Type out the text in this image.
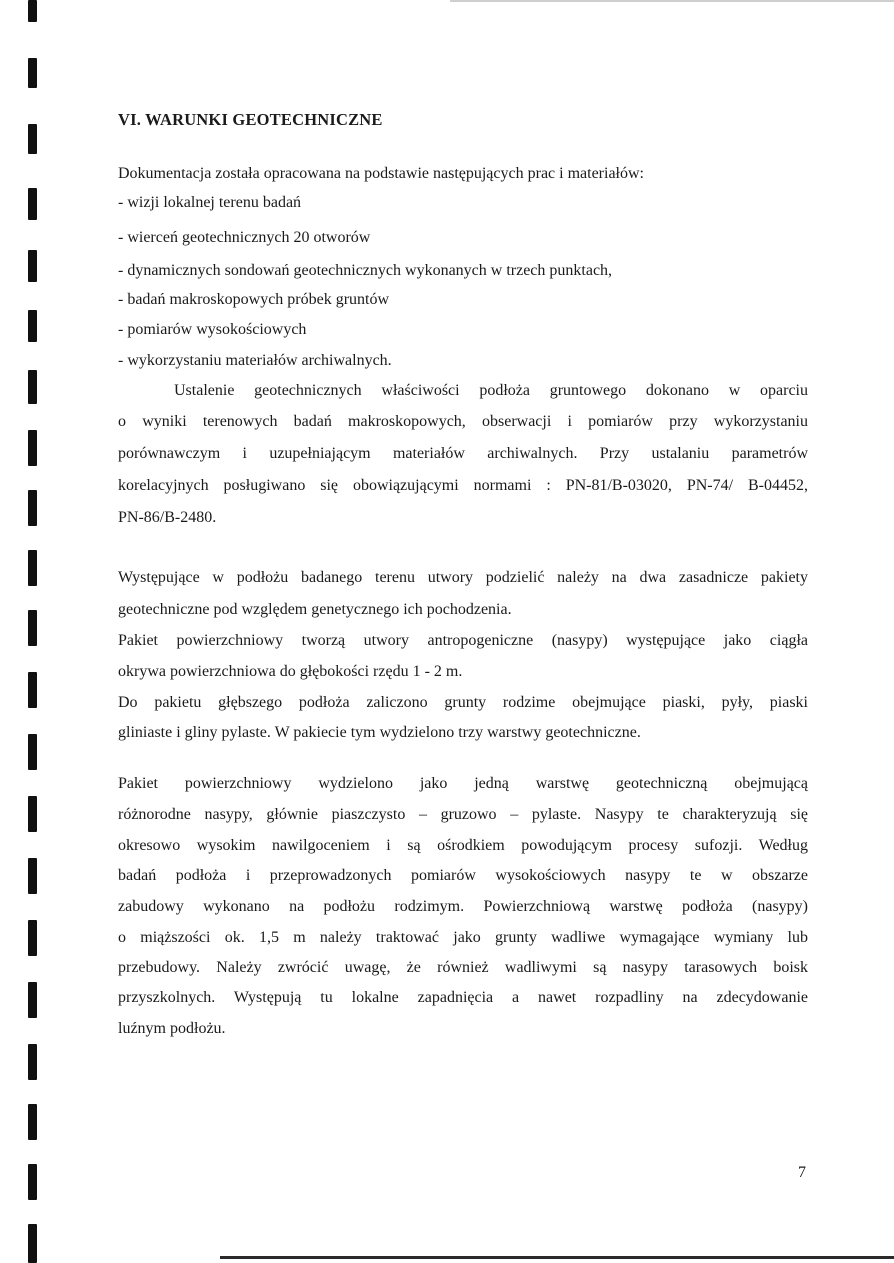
VI. WARUNKI GEOTECHNICZNE

Dokumentacja została opracowana na podstawie następujących prac i materiałów:

- wizji lokalnej terenu badań

- wierceń geotechnicznych 20 otworów

- dynamicznych sondowań geotechnicznych wykonanych w trzech punktach,

- badań makroskopowych próbek gruntów

- pomiarów wysokościowych

- wykorzystaniu materiałów archiwalnych.

Ustalenie geotechnicznych właściwości podłoża gruntowego dokonano w oparciu

o wyniki terenowych badań makroskopowych, obserwacji i pomiarów przy wykorzystaniu

porównawczym i uzupełniającym materiałów archiwalnych. Przy ustalaniu parametrów

korelacyjnych posługiwano się obowiązującymi normami : PN-81/B-03020, PN-74/ B-04452,

PN-86/B-2480.

Występujące w podłożu badanego terenu utwory podzielić należy na dwa zasadnicze pakiety

geotechniczne pod względem genetycznego ich pochodzenia.

Pakiet powierzchniowy tworzą utwory antropogeniczne (nasypy) występujące jako ciągła

okrywa powierzchniowa do głębokości rzędu 1 - 2 m.

Do pakietu głębszego podłoża zaliczono grunty rodzime obejmujące piaski, pyły, piaski

gliniaste i gliny pylaste. W pakiecie tym wydzielono trzy warstwy geotechniczne.

Pakiet powierzchniowy wydzielono jako jedną warstwę geotechniczną obejmującą

różnorodne nasypy, głównie piaszczysto – gruzowo – pylaste. Nasypy te charakteryzują się

okresowo wysokim nawilgoceniem i są ośrodkiem powodującym procesy sufozji. Według

badań podłoża i przeprowadzonych pomiarów wysokościowych nasypy te w obszarze

zabudowy wykonano na podłożu rodzimym. Powierzchniową warstwę podłoża (nasypy)

o miąższości ok. 1,5 m należy traktować jako grunty wadliwe wymagające wymiany lub

przebudowy. Należy zwrócić uwagę, że również wadliwymi są nasypy tarasowych boisk

przyszkolnych. Występują tu lokalne zapadnięcia a nawet rozpadliny na zdecydowanie

luźnym podłożu.

7
